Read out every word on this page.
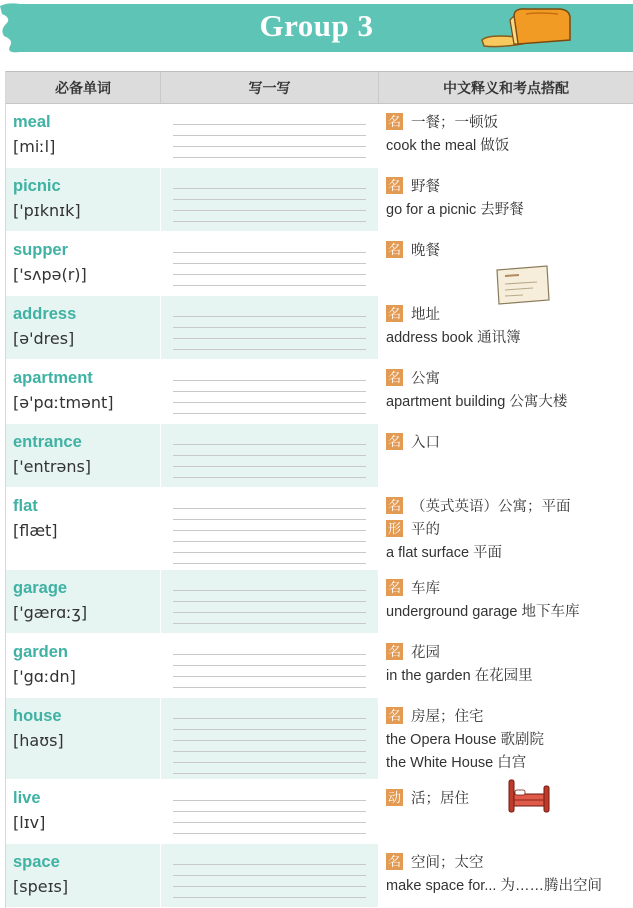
Group 3
必备单词	写一写	中文释义和考点搭配
meal
[miːl]
名 一餐；一顿饭
cook the meal 做饭
picnic
['pɪknɪk]
名 野餐
go for a picnic 去野餐
supper
['sʌpə(r)]
名 晚餐
address
[ə'dres]
名 地址
address book 通讯簿
apartment
[ə'pɑːtmənt]
名 公寓
apartment building 公寓大楼
entrance
['entrəns]
名 入口
flat
[flæt]
名 （英式英语）公寓；平面
形 平的
a flat surface 平面
garage
['gærɑːʒ]
名 车库
underground garage 地下车库
garden
['gɑːdn]
名 花园
in the garden 在花园里
house
[haʊs]
名 房屋；住宅
the Opera House 歌剧院
the White House 白宫
live
[lɪv]
动 活；居住
space
[speɪs]
名 空间；太空
make space for... 为……腾出空间
